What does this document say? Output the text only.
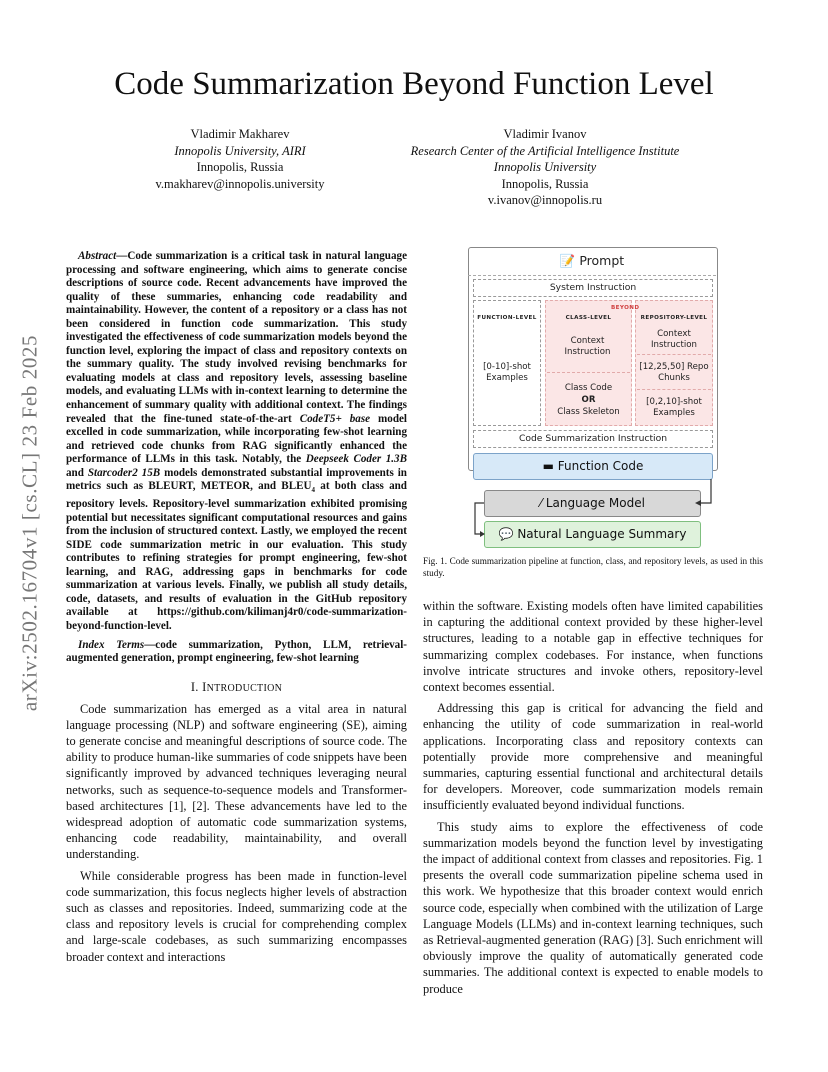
arXiv:2502.16704v1 [cs.CL] 23 Feb 2025
Code Summarization Beyond Function Level
Vladimir Makharev
Innopolis University, AIRI
Innopolis, Russia
v.makharev@innopolis.university
Vladimir Ivanov
Research Center of the Artificial Intelligence Institute
Innopolis University
Innopolis, Russia
v.ivanov@innopolis.ru

Abstract—Code summarization is a critical task in natural language processing and software engineering, which aims to generate concise descriptions of source code. Recent advancements have improved the quality of these summaries, enhancing code readability and maintainability. However, the content of a repository or a class has not been considered in function code summarization. This study investigated the effectiveness of code summarization models beyond the function level, exploring the impact of class and repository contexts on the summary quality. The study involved revising benchmarks for evaluating models at class and repository levels, assessing baseline models, and evaluating LLMs with in-context learning to determine the enhancement of summary quality with additional context. The findings revealed that the fine-tuned state-of-the-art CodeT5+ base model excelled in code summarization, while incorporating few-shot learning and retrieved code chunks from RAG significantly enhanced the performance of LLMs in this task. Notably, the Deepseek Coder 1.3B and Starcoder2 15B models demonstrated substantial improvements in metrics such as BLEURT, METEOR, and $BLEU_4$ at both class and repository levels. Repository-level summarization exhibited promising potential but necessitates significant computational resources and gains from the inclusion of structured context. Lastly, we employed the recent SIDE code summarization metric in our evaluation. This study contributes to refining strategies for prompt engineering, few-shot learning, and RAG, addressing gaps in benchmarks for code summarization at various levels. Finally, we publish all study details, code, datasets, and results of evaluation in the GitHub repository available at https://github.com/kilimanj4r0/code-summarization-beyond-function-level.

Index Terms—code summarization, Python, LLM, retrieval-augmented generation, prompt engineering, few-shot learning

I. INTRODUCTION

Code summarization has emerged as a vital area in natural language processing (NLP) and software engineering (SE), aiming to generate concise and meaningful descriptions of source code. The ability to produce human-like summaries of code snippets have been significantly improved by advanced techniques leveraging neural networks, such as sequence-to-sequence models and Transformer-based architectures [1], [2]. These advancements have led to the widespread adoption of automatic code summarization systems, enhancing code readability, maintainability, and overall understanding.

While considerable progress has been made in function-level code summarization, this focus neglects higher levels of abstraction such as classes and repositories. Indeed, summarizing code at the class and repository levels is crucial for comprehending complex and large-scale codebases, as such summarizing encompasses broader context and interactions

📝 Prompt
System Instruction
BEYOND
FUNCTION-LEVEL	CLASS-LEVEL	REPOSITORY-LEVEL
[0-10]-shot Examples
Context Instruction
Class Code
OR
Class Skeleton
Context Instruction
[12,25,50] Repo Chunks
[0,2,10]-shot Examples
Code Summarization Instruction
▬ Function Code
⁄ Language Model
💬 Natural Language Summary

Fig. 1. Code summarization pipeline at function, class, and repository levels, as used in this study.

within the software. Existing models often have limited capabilities in capturing the additional context provided by these higher-level structures, leading to a notable gap in effective techniques for summarizing complex codebases. For instance, when functions involve intricate structures and invoke others, repository-level context becomes essential.

Addressing this gap is critical for advancing the field and enhancing the utility of code summarization in real-world applications. Incorporating class and repository contexts can potentially provide more comprehensive and meaningful summaries, capturing essential functional and architectural details for developers. Moreover, code summarization models remain insufficiently evaluated beyond individual functions.

This study aims to explore the effectiveness of code summarization models beyond the function level by investigating the impact of additional context from classes and repositories. Fig. 1 presents the overall code summarization pipeline schema used in this work. We hypothesize that this broader context would enrich source code, especially when combined with the utilization of Large Language Models (LLMs) and in-context learning techniques, such as Retrieval-augmented generation (RAG) [3]. Such enrichment will obviously improve the quality of automatically generated code summaries. The additional context is expected to enable models to produce
